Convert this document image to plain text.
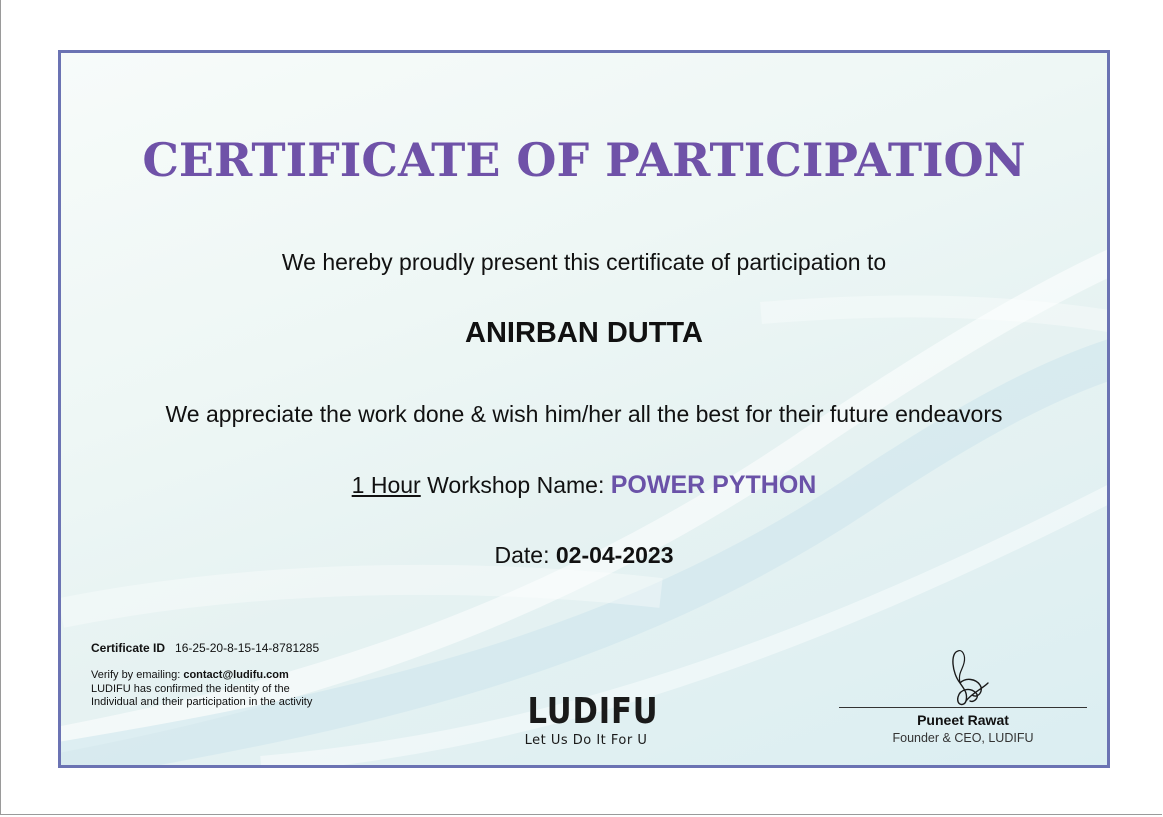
CERTIFICATE OF PARTICIPATION
We hereby proudly present this certificate of participation to
ANIRBAN DUTTA
We appreciate the work done & wish him/her all the best for their future endeavors
1 Hour Workshop Name: POWER PYTHON
Date: 02-04-2023
Certificate ID 16-25-20-8-15-14-8781285
Verify by emailing: contact@ludifu.com
LUDIFU has confirmed the identity of the Individual and their participation in the activity	LUDIFU
Let Us Do It For U
Puneet Rawat
Founder & CEO, LUDIFU
